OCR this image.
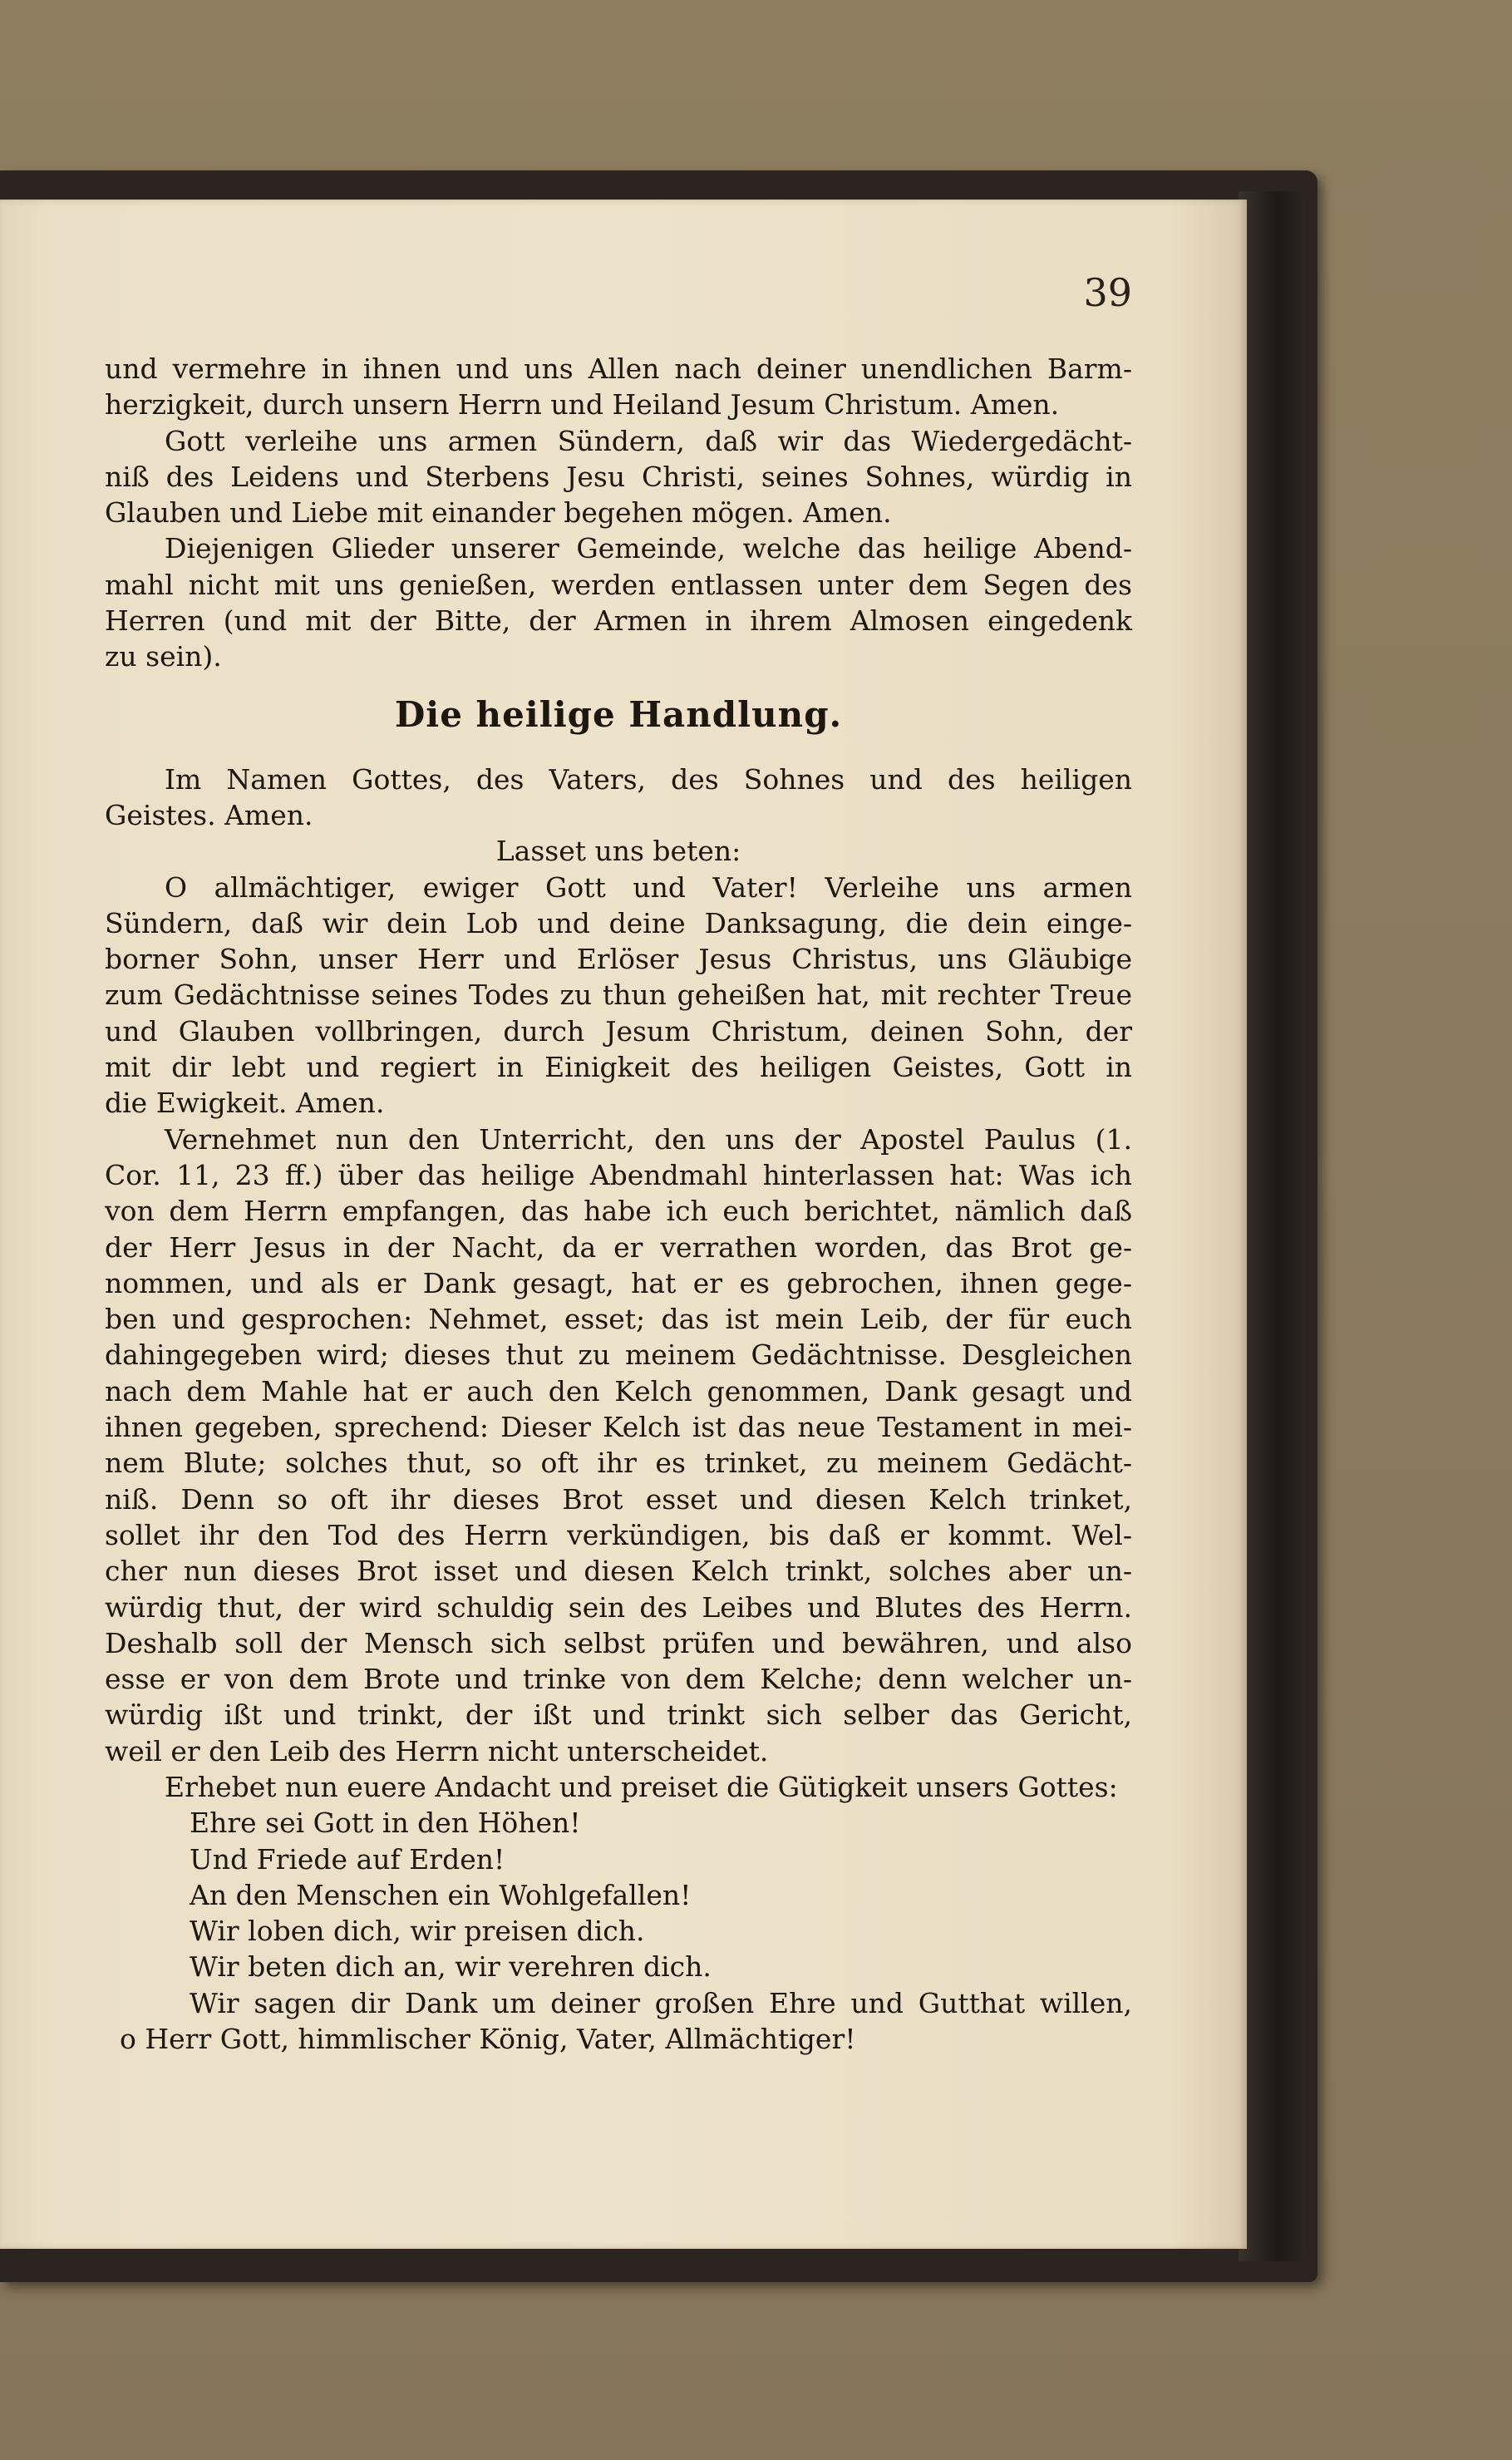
39
und vermehre in ihnen und uns Allen nach deiner unendlichen Barm-
herzigkeit, durch unsern Herrn und Heiland Jesum Christum. Amen.
Gott verleihe uns armen Sündern, daß wir das Wiedergedächt-
niß des Leidens und Sterbens Jesu Christi, seines Sohnes, würdig in
Glauben und Liebe mit einander begehen mögen. Amen.
Diejenigen Glieder unserer Gemeinde, welche das heilige Abend-
mahl nicht mit uns genießen, werden entlassen unter dem Segen des
Herren (und mit der Bitte, der Armen in ihrem Almosen eingedenk
zu sein).
Die heilige Handlung.
Im Namen Gottes, des Vaters, des Sohnes und des heiligen
Geistes. Amen.
Lasset uns beten:
O allmächtiger, ewiger Gott und Vater! Verleihe uns armen
Sündern, daß wir dein Lob und deine Danksagung, die dein einge-
borner Sohn, unser Herr und Erlöser Jesus Christus, uns Gläubige
zum Gedächtnisse seines Todes zu thun geheißen hat, mit rechter Treue
und Glauben vollbringen, durch Jesum Christum, deinen Sohn, der
mit dir lebt und regiert in Einigkeit des heiligen Geistes, Gott in
die Ewigkeit. Amen.
Vernehmet nun den Unterricht, den uns der Apostel Paulus (1.
Cor. 11, 23 ff.) über das heilige Abendmahl hinterlassen hat: Was ich
von dem Herrn empfangen, das habe ich euch berichtet, nämlich daß
der Herr Jesus in der Nacht, da er verrathen worden, das Brot ge-
nommen, und als er Dank gesagt, hat er es gebrochen, ihnen gege-
ben und gesprochen: Nehmet, esset; das ist mein Leib, der für euch
dahingegeben wird; dieses thut zu meinem Gedächtnisse. Desgleichen
nach dem Mahle hat er auch den Kelch genommen, Dank gesagt und
ihnen gegeben, sprechend: Dieser Kelch ist das neue Testament in mei-
nem Blute; solches thut, so oft ihr es trinket, zu meinem Gedächt-
niß. Denn so oft ihr dieses Brot esset und diesen Kelch trinket,
sollet ihr den Tod des Herrn verkündigen, bis daß er kommt. Wel-
cher nun dieses Brot isset und diesen Kelch trinkt, solches aber un-
würdig thut, der wird schuldig sein des Leibes und Blutes des Herrn.
Deshalb soll der Mensch sich selbst prüfen und bewähren, und also
esse er von dem Brote und trinke von dem Kelche; denn welcher un-
würdig ißt und trinkt, der ißt und trinkt sich selber das Gericht,
weil er den Leib des Herrn nicht unterscheidet.
Erhebet nun euere Andacht und preiset die Gütigkeit unsers Gottes:
Ehre sei Gott in den Höhen!
Und Friede auf Erden!
An den Menschen ein Wohlgefallen!
Wir loben dich, wir preisen dich.
Wir beten dich an, wir verehren dich.
Wir sagen dir Dank um deiner großen Ehre und Gutthat willen,
o Herr Gott, himmlischer König, Vater, Allmächtiger!
